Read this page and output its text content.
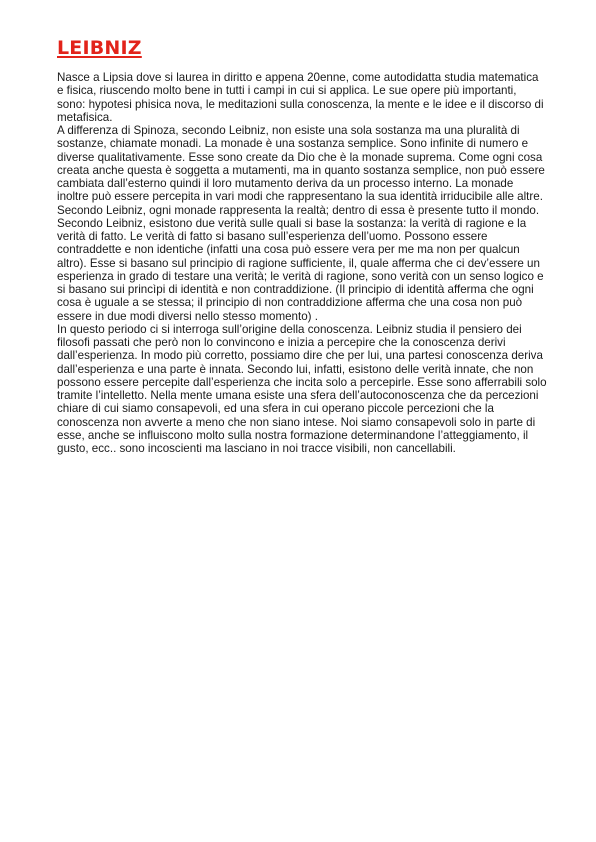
LEIBNIZ

Nasce a Lipsia dove si laurea in diritto e appena 20enne, come autodidatta studia matematica e fisica, riuscendo molto bene in tutti i campi in cui si applica. Le sue opere più importanti, sono: hypotesi phisica nova, le meditazioni sulla conoscenza, la mente e le idee e il discorso di metafisica.

A differenza di Spinoza, secondo Leibniz, non esiste una sola sostanza ma una pluralità di sostanze, chiamate monadi. La monade è una sostanza semplice. Sono infinite di numero e diverse qualitativamente. Esse sono create da Dio che è la monade suprema. Come ogni cosa creata anche questa è soggetta a mutamenti, ma in quanto sostanza semplice, non può essere cambiata dall’esterno quindi il loro mutamento deriva da un processo interno. La monade inoltre può essere percepita in vari modi che rappresentano la sua identità irriducibile alle altre. Secondo Leibniz, ogni monade rappresenta la realtà; dentro di essa è presente tutto il mondo.

Secondo Leibniz, esistono due verità sulle quali si base la sostanza: la verità di ragione e la verità di fatto. Le verità di fatto si basano sull’esperienza dell’uomo. Possono essere contraddette e non identiche (infatti una cosa può essere vera per me ma non per qualcun altro). Esse si basano sul principio di ragione sufficiente, il, quale afferma che ci dev’essere un esperienza in grado di testare una verità; le verità di ragione, sono verità con un senso logico e si basano sui princìpi di identità e non contraddizione. (Il principio di identità afferma che ogni cosa è uguale a se stessa; il principio di non contraddizione afferma che una cosa non può essere in due modi diversi nello stesso momento) .

In questo periodo ci si interroga sull’origine della conoscenza. Leibniz studia il pensiero dei filosofi passati che però non lo convincono e inizia a percepire che la conoscenza derivi dall’esperienza. In modo più corretto, possiamo dire che per lui, una partesi conoscenza deriva dall’esperienza e una parte è innata. Secondo lui, infatti, esistono delle verità innate, che non possono essere percepite dall’esperienza che incita solo a percepirle. Esse sono afferrabili solo tramite l’intelletto. Nella mente umana esiste una sfera dell’autoconoscenza che da percezioni chiare di cui siamo consapevoli, ed una sfera in cui operano piccole percezioni che la conoscenza non avverte a meno che non siano intese. Noi siamo consapevoli solo in parte di esse, anche se influiscono molto sulla nostra formazione determinandone l’atteggiamento, il gusto, ecc.. sono incoscienti ma lasciano in noi tracce visibili, non cancellabili.
